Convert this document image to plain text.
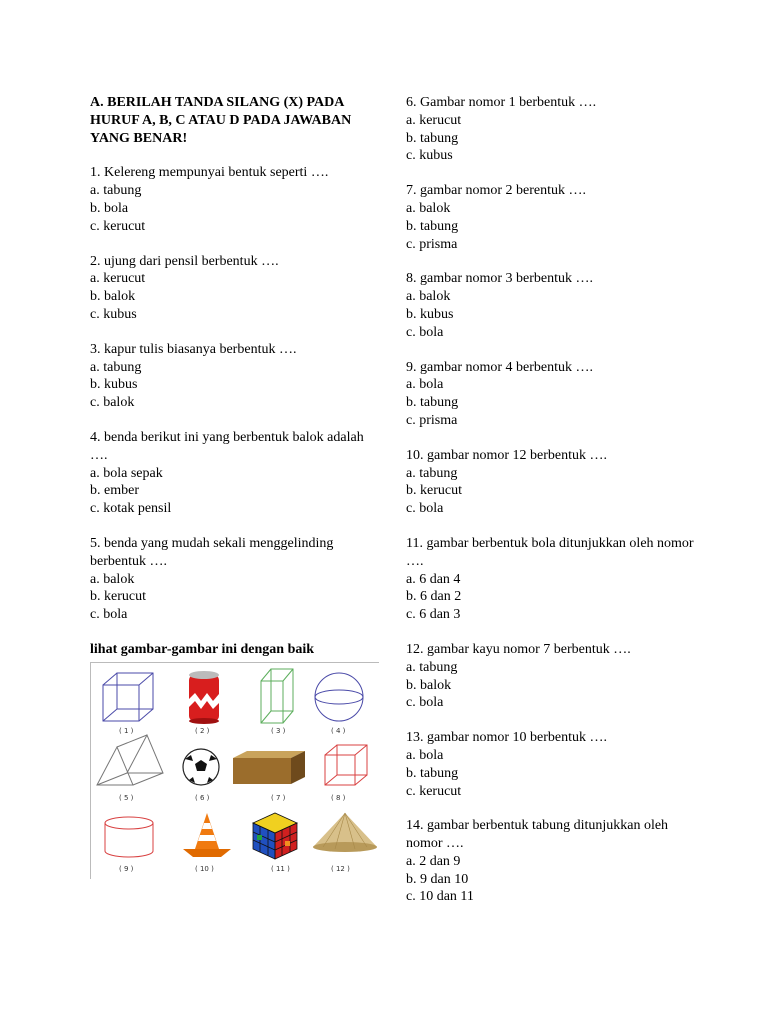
A. BERILAH TANDA SILANG (X) PADA HURUF A, B, C ATAU D PADA JAWABAN YANG BENAR!
1. Kelereng mempunyai bentuk seperti ….
a. tabung
b. bola
c. kerucut
2. ujung dari pensil berbentuk ….
a. kerucut
b. balok
c. kubus
3. kapur tulis biasanya berbentuk ….
a. tabung
b. kubus
c. balok
4. benda berikut ini yang berbentuk balok adalah ….
a. bola sepak
b. ember
c. kotak pensil
5. benda yang mudah sekali menggelinding berbentuk ….
a. balok
b. kerucut
c. bola
lihat gambar-gambar ini dengan baik
( 1 )	( 2 )	( 3 )	( 4 )
( 5 )	( 6 )	( 7 )	( 8 )
( 9 )	( 10 )	( 11 )	( 12 )
6. Gambar nomor 1 berbentuk ….
a. kerucut
b. tabung
c. kubus
7. gambar nomor 2 berentuk ….
a. balok
b. tabung
c. prisma
8. gambar nomor 3 berbentuk ….
a. balok
b. kubus
c. bola
9. gambar nomor 4 berbentuk ….
a. bola
b. tabung
c. prisma
10. gambar nomor 12 berbentuk ….
a. tabung
b. kerucut
c. bola
11. gambar berbentuk bola ditunjukkan oleh nomor ….
a. 6 dan 4
b. 6 dan 2
c. 6 dan 3
12. gambar kayu nomor 7 berbentuk ….
a. tabung
b. balok
c. bola
13. gambar nomor 10 berbentuk ….
a. bola
b. tabung
c. kerucut
14. gambar berbentuk tabung ditunjukkan oleh nomor ….
a. 2 dan 9
b. 9 dan 10
c. 10 dan 11
